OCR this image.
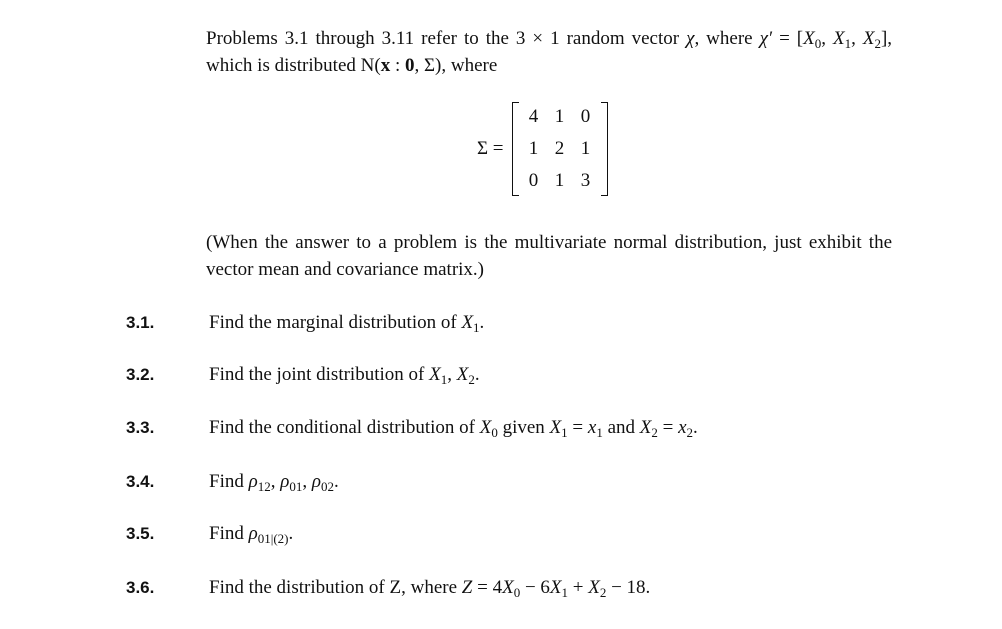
Problems 3.1 through 3.11 refer to the 3 × 1 random vector χ, where $\chi' = [X_0$, $X_1$, $X_2$], which is distributed N(x : 0, Σ), where
Σ =
4 1 0
1 2 1
0 1 3
(When the answer to a problem is the multivariate normal distribution, just exhibit the vector mean and covariance matrix.)
3.1.	Find the marginal distribution of $X_1$.
3.2.	Find the joint distribution of $X_1$, $X_2$.
3.3.	Find the conditional distribution of $X_0$ given $X_1 = x_1$ and $X_2 = x_2$.
3.4.	Find $\rho_{12}$, $\rho_{01}$, $\rho_{02}$.
3.5.	Find $\rho_{01|(2)}$.
3.6.	Find the distribution of Z, where $Z = 4X_0 - 6X_1 + X_2 - 18$.
